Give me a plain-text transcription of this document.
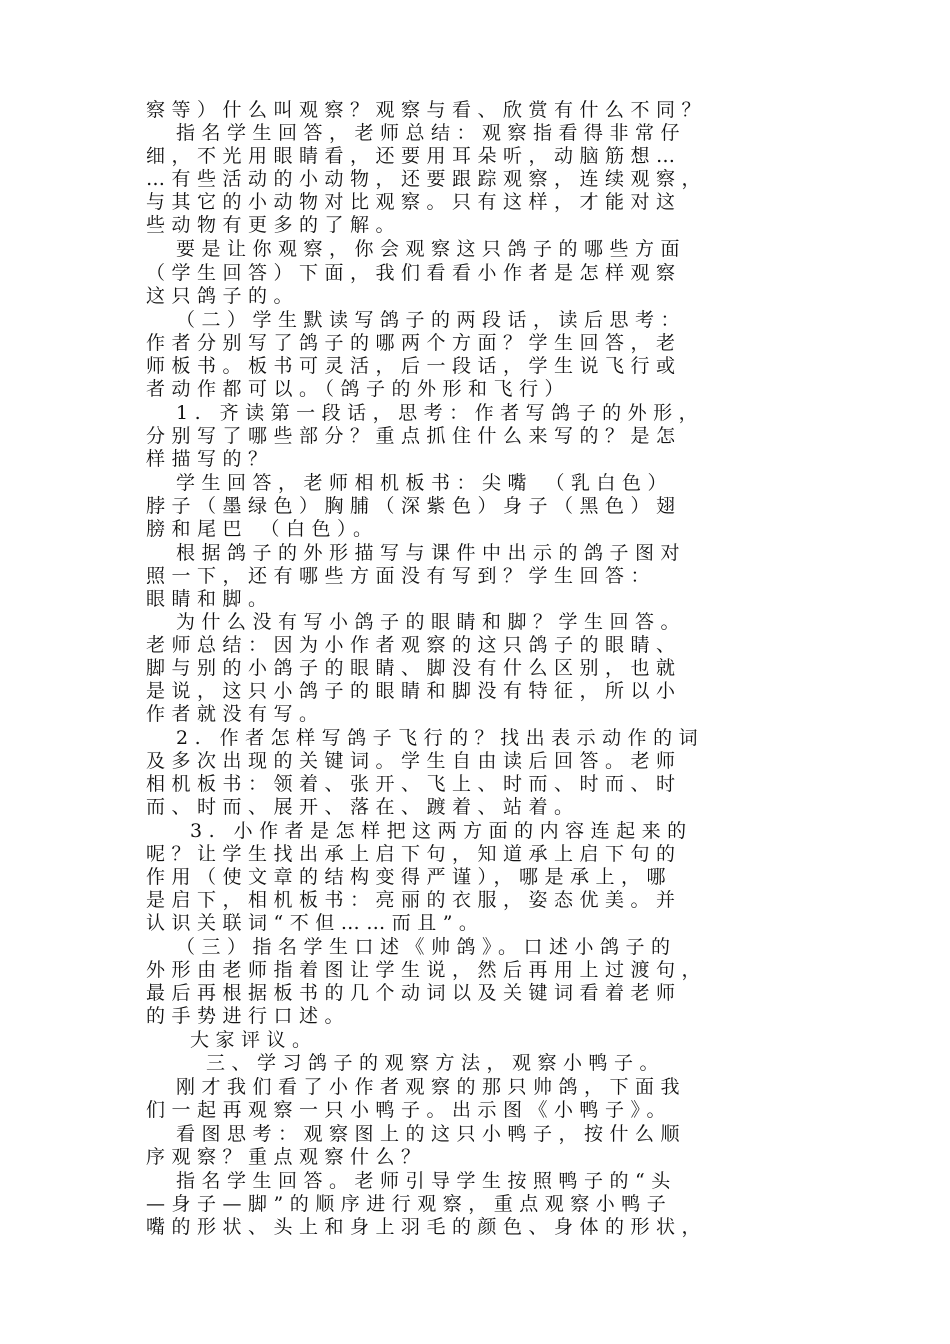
察等）什么叫观察？观察与看、欣赏有什么不同？

指名学生回答，老师总结：观察指看得非常仔

细，不光用眼睛看，还要用耳朵听，动脑筋想…

…有些活动的小动物，还要跟踪观察，连续观察，

与其它的小动物对比观察。只有这样，才能对这

些动物有更多的了解。

要是让你观察，你会观察这只鸽子的哪些方面

（学生回答）下面，我们看看小作者是怎样观察

这只鸽子的。

（二）学生默读写鸽子的两段话，读后思考：

作者分别写了鸽子的哪两个方面？学生回答，老

师板书。板书可灵活，后一段话，学生说飞行或

者动作都可以。（鸽子的外形和飞行）

1. 齐读第一段话，思考：作者写鸽子的外形，

分别写了哪些部分？重点抓住什么来写的？是怎

样描写的？

学生回答，老师相机板书：尖嘴 （乳白色）

脖子（墨绿色）胸脯（深紫色）身子（黑色）翅

膀和尾巴 （白色）。

根据鸽子的外形描写与课件中出示的鸽子图对

照一下，还有哪些方面没有写到？学生回答：

眼睛和脚。

为什么没有写小鸽子的眼睛和脚？学生回答。

老师总结：因为小作者观察的这只鸽子的眼睛、

脚与别的小鸽子的眼睛、脚没有什么区别，也就

是说，这只小鸽子的眼睛和脚没有特征，所以小

作者就没有写。

2. 作者怎样写鸽子飞行的？找出表示动作的词

及多次出现的关键词。学生自由读后回答。老师

相机板书：领着、张开、飞上、时而、时而、时

而、时而、展开、落在、踱着、站着。

3. 小作者是怎样把这两方面的内容连起来的

呢？让学生找出承上启下句，知道承上启下句的

作用（使文章的结构变得严谨），哪是承上，哪

是启下，相机板书：亮丽的衣服，姿态优美。并

认识关联词“不但……而且”。

（三）指名学生口述《帅鸽》。口述小鸽子的

外形由老师指着图让学生说，然后再用上过渡句，

最后再根据板书的几个动词以及关键词看着老师

的手势进行口述。

大家评议。

三、学习鸽子的观察方法，观察小鸭子。

刚才我们看了小作者观察的那只帅鸽，下面我

们一起再观察一只小鸭子。出示图《小鸭子》。

看图思考：观察图上的这只小鸭子，按什么顺

序观察？重点观察什么？

指名学生回答。老师引导学生按照鸭子的“头

—身子—脚”的顺序进行观察，重点观察小鸭子

嘴的形状、头上和身上羽毛的颜色、身体的形状，
